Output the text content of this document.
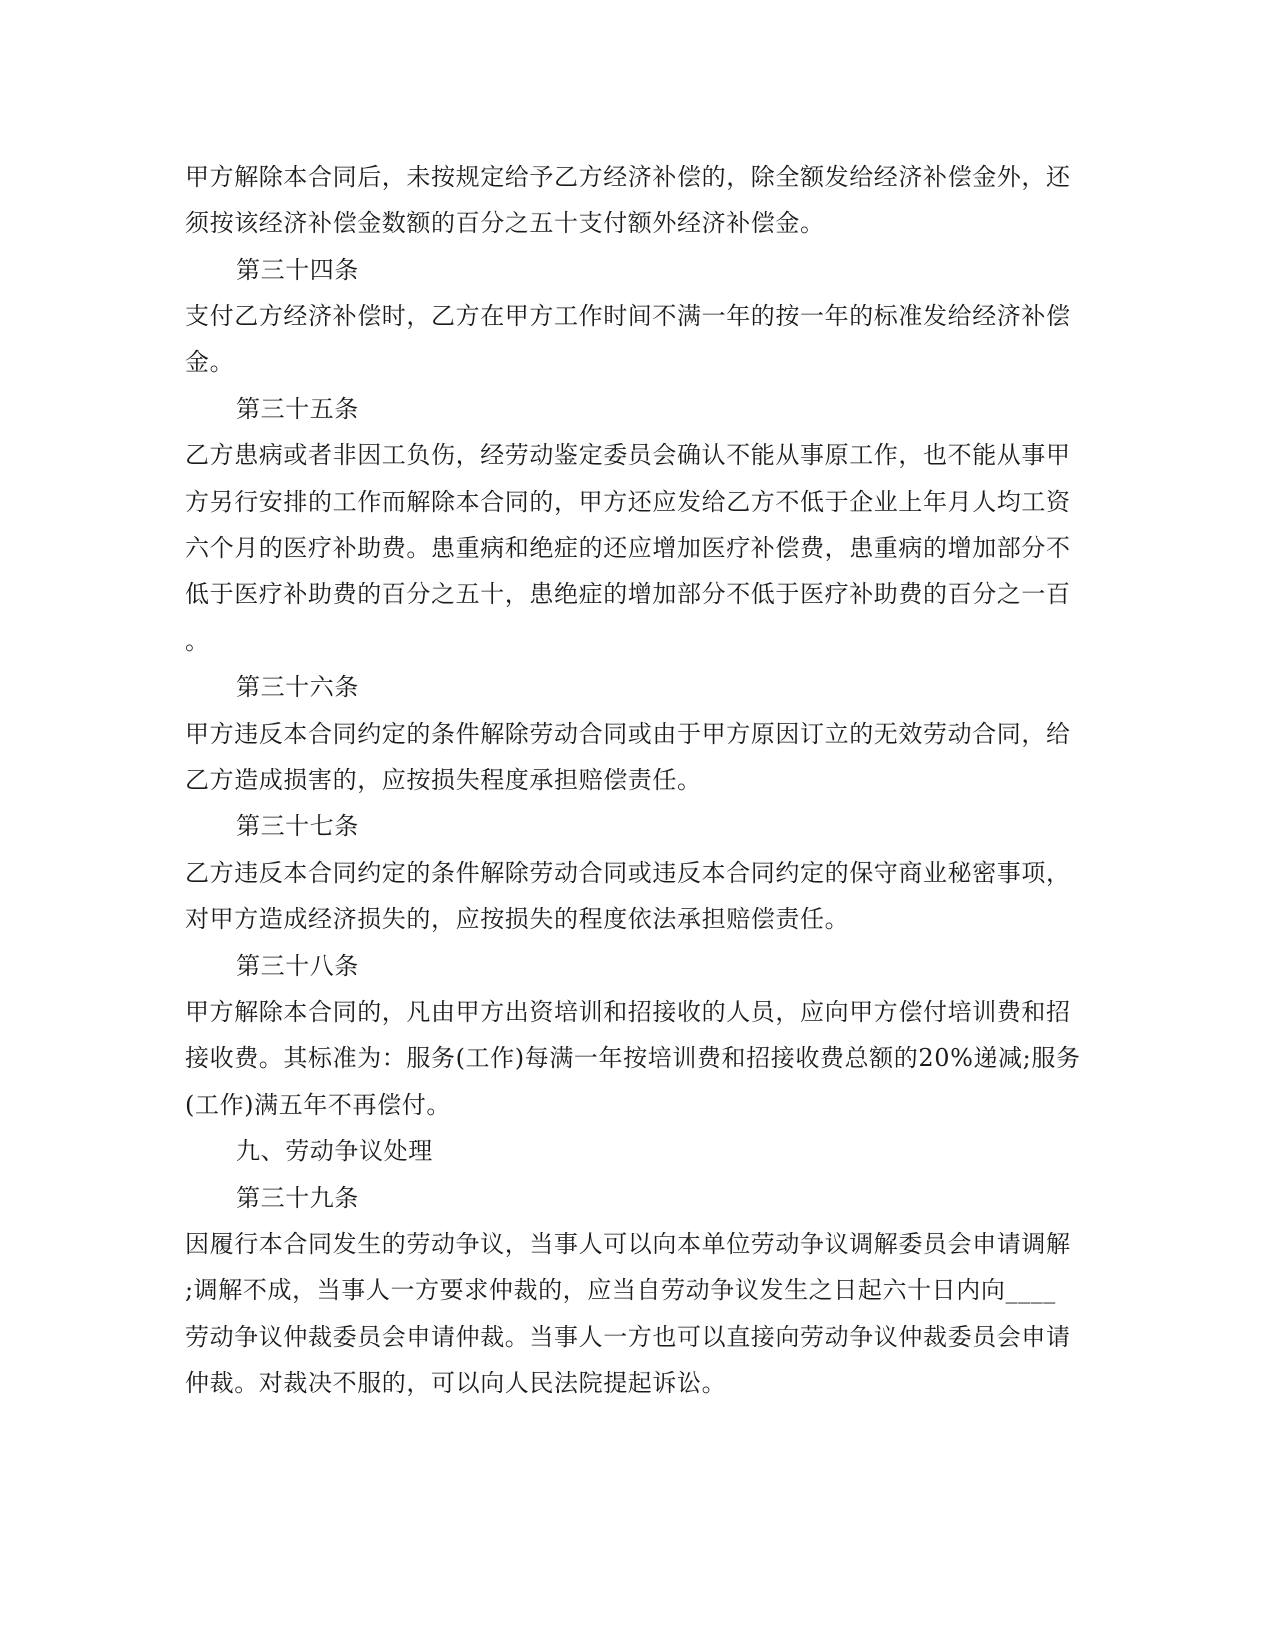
甲方解除本合同后，未按规定给予乙方经济补偿的，除全额发给经济补偿金外，还
须按该经济补偿金数额的百分之五十支付额外经济补偿金。
第三十四条
支付乙方经济补偿时，乙方在甲方工作时间不满一年的按一年的标准发给经济补偿
金。
第三十五条
乙方患病或者非因工负伤，经劳动鉴定委员会确认不能从事原工作，也不能从事甲
方另行安排的工作而解除本合同的，甲方还应发给乙方不低于企业上年月人均工资
六个月的医疗补助费。患重病和绝症的还应增加医疗补偿费，患重病的增加部分不
低于医疗补助费的百分之五十，患绝症的增加部分不低于医疗补助费的百分之一百
。
第三十六条
甲方违反本合同约定的条件解除劳动合同或由于甲方原因订立的无效劳动合同，给
乙方造成损害的，应按损失程度承担赔偿责任。
第三十七条
乙方违反本合同约定的条件解除劳动合同或违反本合同约定的保守商业秘密事项，
对甲方造成经济损失的，应按损失的程度依法承担赔偿责任。
第三十八条
甲方解除本合同的，凡由甲方出资培训和招接收的人员，应向甲方偿付培训费和招
接收费。其标准为：服务(工作)每满一年按培训费和招接收费总额的20%递减;服务
(工作)满五年不再偿付。
九、劳动争议处理
第三十九条
因履行本合同发生的劳动争议，当事人可以向本单位劳动争议调解委员会申请调解
;调解不成，当事人一方要求仲裁的，应当自劳动争议发生之日起六十日内向____
劳动争议仲裁委员会申请仲裁。当事人一方也可以直接向劳动争议仲裁委员会申请
仲裁。对裁决不服的，可以向人民法院提起诉讼。
